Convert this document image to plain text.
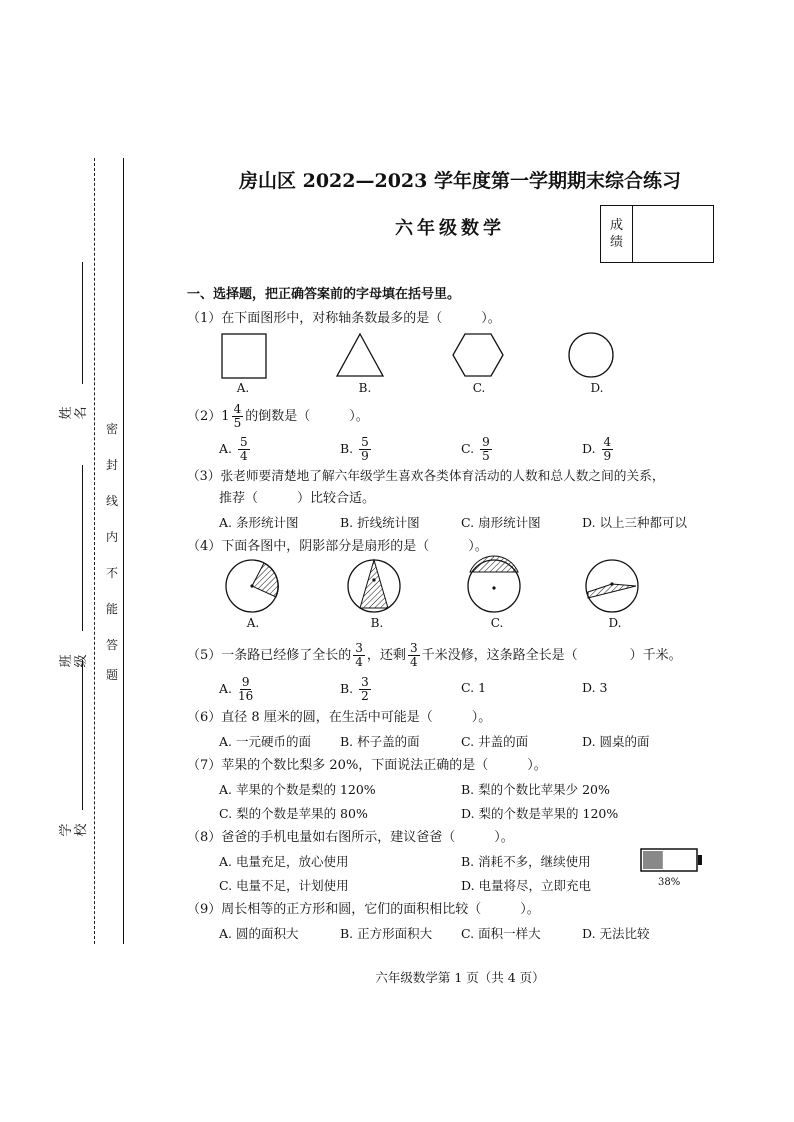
姓名
班级
学校
密
封
线
内
不
能
答
题
房山区 2022—2023 学年度第一学期期末综合练习
六年级数学	成绩
一、选择题，把正确答案前的字母填在括号里。
（1）在下面图形中，对称轴条数最多的是（　　　）。
A.	B.	C.	D.
$(2)1 \frac{4}{5}$ 的倒数是（　　　）。
A. $\frac{5}{4}$	B. $\frac{5}{9}$	C. $\frac{9}{5}$	D. $\frac{4}{9}$
（3）张老师要清楚地了解六年级学生喜欢各类体育活动的人数和总人数之间的关系，
推荐（　　　）比较合适。
A. 条形统计图	B. 折线统计图	C. 扇形统计图	D. 以上三种都可以
（4）下面各图中，阴影部分是扇形的是（　　　）。
A.	B.	C.	D.
（5）一条路已经修了全长的 $\frac{3}{4}$ ，还剩 $\frac{3}{4}$ 千米没修，这条路全长是（　　　　）千米。
A. $\frac{9}{16}$	B. $\frac{3}{2}$	C. 1	D. 3
（6）直径 8 厘米的圆，在生活中可能是（　　　）。
A. 一元硬币的面 B. 杯子盖的面	C. 井盖的面	D. 圆桌的面
（7）苹果的个数比梨多 20%，下面说法正确的是（　　　）。
A. 苹果的个数是梨的 120%	B. 梨的个数比苹果少 20%
C. 梨的个数是苹果的 80%	D. 梨的个数是苹果的 120%
（8）爸爸的手机电量如右图所示，建议爸爸（　　　）。
A. 电量充足，放心使用	B. 消耗不多，继续使用
C. 电量不足，计划使用	D. 电量将尽，立即充电	38%
（9）周长相等的正方形和圆，它们的面积相比较（　　　）。
A. 圆的面积大	B. 正方形面积大 C. 面积一样大	D. 无法比较
六年级数学第 1 页（共 4 页）
